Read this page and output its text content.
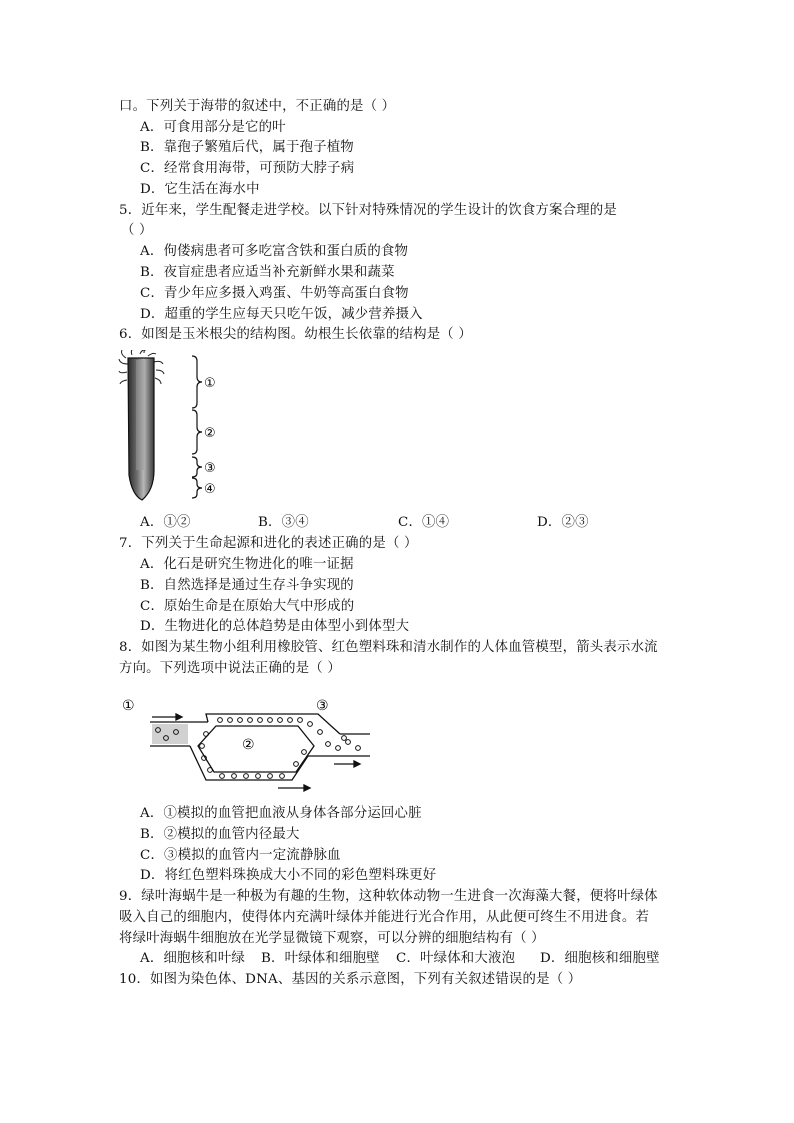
口。下列关于海带的叙述中，不正确的是（ ）
A．可食用部分是它的叶
B．靠孢子繁殖后代，属于孢子植物
C．经常食用海带，可预防大脖子病
D．它生活在海水中
5．近年来，学生配餐走进学校。以下针对特殊情况的学生设计的饮食方案合理的是
（ ）
A．佝偻病患者可多吃富含铁和蛋白质的食物
B．夜盲症患者应适当补充新鲜水果和蔬菜
C．青少年应多摄入鸡蛋、牛奶等高蛋白食物
D．超重的学生应每天只吃午饭，减少营养摄入
6．如图是玉米根尖的结构图。幼根生长依靠的结构是（ ）
①
②
③
④
A．①②	B．③④	C．①④	D．②③
7．下列关于生命起源和进化的表述正确的是（ ）
A．化石是研究生物进化的唯一证据
B．自然选择是通过生存斗争实现的
C．原始生命是在原始大气中形成的
D．生物进化的总体趋势是由体型小到体型大
8．如图为某生物小组利用橡胶管、红色塑料珠和清水制作的人体血管模型，箭头表示水流
方向。下列选项中说法正确的是（ ）
①	③
②
A．①模拟的血管把血液从身体各部分运回心脏
B．②模拟的血管内径最大
C．③模拟的血管内一定流静脉血
D．将红色塑料珠换成大小不同的彩色塑料珠更好
9．绿叶海蜗牛是一种极为有趣的生物，这种软体动物一生进食一次海藻大餐，便将叶绿体
吸入自己的细胞内，使得体内充满叶绿体并能进行光合作用，从此便可终生不用进食。若
将绿叶海蜗牛细胞放在光学显微镜下观察，可以分辨的细胞结构有（ ）
A．细胞核和叶绿 B．叶绿体和细胞壁 C．叶绿体和大液泡 D．细胞核和细胞壁
10．如图为染色体、DNA、基因的关系示意图，下列有关叙述错误的是（ ）
